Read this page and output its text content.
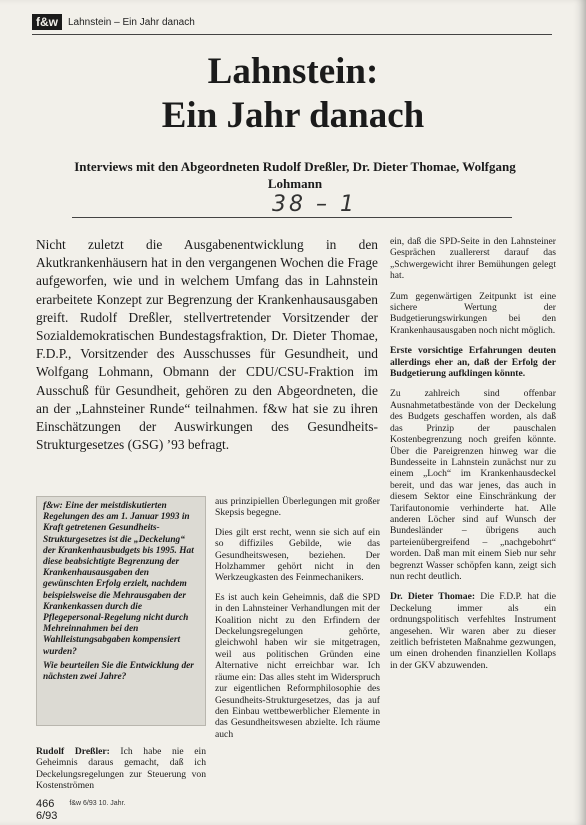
f&w	Lahnstein – Ein Jahr danach
Lahnstein:
Ein Jahr danach
Interviews mit den Abgeordneten Rudolf Dreßler, Dr. Dieter Thomae, Wolfgang Lohmann
38 – 1

Nicht zuletzt die Ausgabenentwicklung in den Akutkrankenhäusern hat in den vergangenen Wochen die Frage aufgeworfen, wie und in welchem Umfang das in Lahnstein erarbeitete Konzept zur Begrenzung der Krankenhausausgaben greift. Rudolf Dreßler, stellvertretender Vorsitzender der Sozialdemokratischen Bundestagsfraktion, Dr. Dieter Thomae, F.D.P., Vorsitzender des Ausschusses für Gesundheit, und Wolfgang Lohmann, Obmann der CDU/CSU-Fraktion im Ausschuß für Gesundheit, gehören zu den Abgeordneten, die an der „Lahnsteiner Runde“ teilnahmen. f&w hat sie zu ihren Einschätzungen der Auswirkungen des Gesundheits-Strukturgesetzes (GSG) ’93 befragt.

ein, daß die SPD-Seite in den Lahnsteiner Gesprächen zuallererst darauf das „Schwergewicht ihrer Bemühungen gelegt hat.

Zum gegenwärtigen Zeitpunkt ist eine sichere Wertung der Budgetierungswirkungen bei den Krankenhausausgaben noch nicht möglich.

Erste vorsichtige Erfahrungen deuten allerdings eher an, daß der Erfolg der Budgetierung aufklingen könnte.

Zu zahlreich sind offenbar Ausnahmetatbestände von der Deckelung des Budgets geschaffen worden, als daß das Prinzip der pauschalen Kostenbegrenzung noch greifen könnte. Über die Pareigrenzen hinweg war die Bundesseite in Lahnstein zunächst nur zu einem „Loch“ im Krankenhausdeckel bereit, und das war jenes, das auch in diesem Sektor eine Einschränkung der Tarifautonomie verhinderte hat. Alle anderen Löcher sind auf Wunsch der Bundesländer – übrigens auch parteienübergreifend – „nachgebohrt“ worden. Daß man mit einem Sieb nur sehr begrenzt Wasser schöpfen kann, zeigt sich nun recht deutlich.

Dr. Dieter Thomae: Die F.D.P. hat die Deckelung immer als ein ordnungspolitisch verfehltes Instrument angesehen. Wir waren aber zu dieser zeitlich befristeten Maßnahme gezwungen, um einen drohenden finanziellen Kollaps in der GKV abzuwenden.

f&w: Eine der meistdiskutierten Regelungen des am 1. Januar 1993 in Kraft getretenen Gesundheits-Strukturgesetzes ist die „Deckelung“ der Krankenhausbudgets bis 1995. Hat diese beabsichtigte Begrenzung der Krankenhausausgaben den gewünschten Erfolg erzielt, nachdem beispielsweise die Mehrausgaben der Krankenkassen durch die Pflegepersonal-Regelung nicht durch Mehreinnahmen bei den Wahlleistungsabgaben kompensiert wurden?

Wie beurteilen Sie die Entwicklung der nächsten zwei Jahre?

Rudolf Dreßler: Ich habe nie ein Geheimnis daraus gemacht, daß ich Deckelungsregelungen zur Steuerung von Kostenströmen

aus prinzipiellen Überlegungen mit großer Skepsis begegne.

Dies gilt erst recht, wenn sie sich auf ein so diffiziles Gebilde, wie das Gesundheitswesen, beziehen. Der Holzhammer gehört nicht in den Werkzeugkasten des Feinmechanikers.

Es ist auch kein Geheimnis, daß die SPD in den Lahnsteiner Verhandlungen mit der Koalition nicht zu den Erfindern der Deckelungsregelungen gehörte, gleichwohl haben wir sie mitgetragen, weil aus politischen Gründen eine Alternative nicht erreichbar war. Ich räume ein: Das alles steht im Widerspruch zur eigentlichen Reformphilosophie des Gesundheits-Strukturgesetzes, das ja auf den Einbau wettbewerblicher Elemente in das Gesundheitswesen abzielte. Ich räume auch

466
6/93
f&w 6/93 10. Jahr.
